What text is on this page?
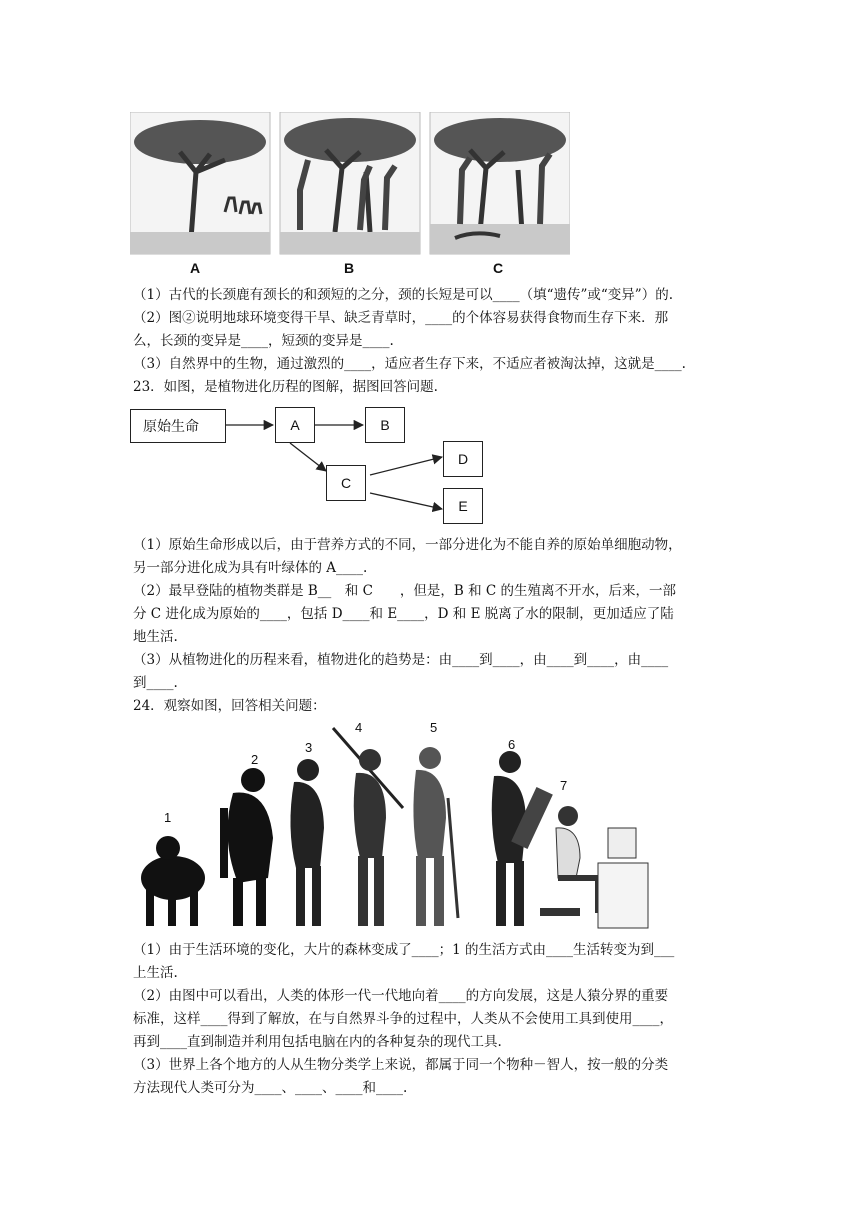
A	B	C
（1）古代的长颈鹿有颈长的和颈短的之分，颈的长短是可以____（填“遗传”或“变异”）的.
（2）图②说明地球环境变得干旱、缺乏青草时，____的个体容易获得食物而生存下来．那
么，长颈的变异是____，短颈的变异是____.
（3）自然界中的生物，通过激烈的____，适应者生存下来，不适应者被淘汰掉，这就是____.
23．如图，是植物进化历程的图解，据图回答问题.
原始生命	A	B
C
D
E
（1）原始生命形成以后，由于营养方式的不同，一部分进化为不能自养的原始单细胞动物，
另一部分进化成为具有叶绿体的 A____.
（2）最早登陆的植物类群是 B__　和 C　　，但是，B 和 C 的生殖离不开水，后来，一部
分 C 进化成为原始的____，包括 D____和 E____，D 和 E 脱离了水的限制，更加适应了陆
地生活.
（3）从植物进化的历程来看，植物进化的趋势是：由____到____，由____到____，由____
到____.
24．观察如图，回答相关问题：
1
2
3
4	5
6
7
（1）由于生活环境的变化，大片的森林变成了____；1 的生活方式由____生活转变为到___
上生活.
（2）由图中可以看出，人类的体形一代一代地向着____的方向发展，这是人猿分界的重要
标准，这样____得到了解放，在与自然界斗争的过程中，人类从不会使用工具到使用____，
再到____直到制造并利用包括电脑在内的各种复杂的现代工具.
（3）世界上各个地方的人从生物分类学上来说，都属于同一个物种－智人，按一般的分类
方法现代人类可分为____、____、____和____.
